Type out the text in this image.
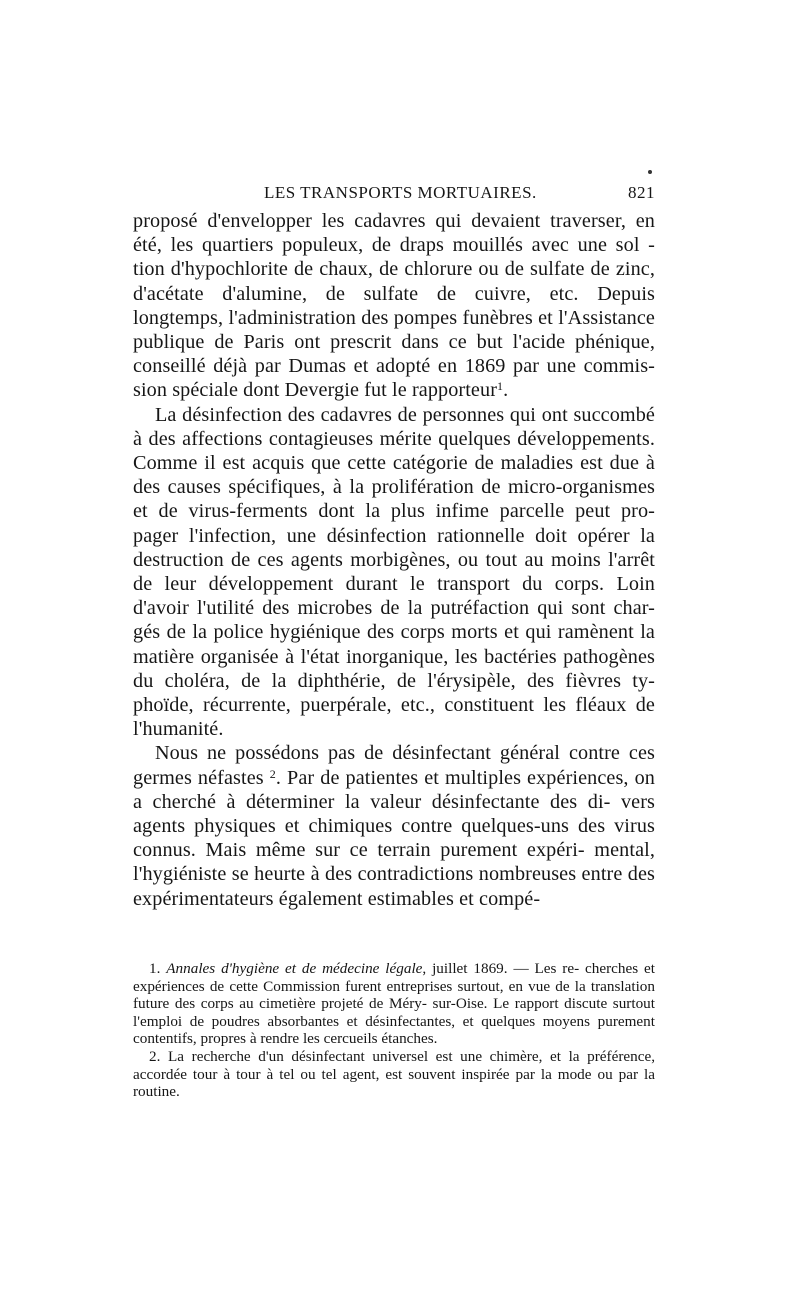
LES TRANSPORTS MORTUAIRES.	821

proposé d'envelopper les cadavres qui devaient traverser, en été, les quartiers populeux, de draps mouillés avec une sol - tion d'hypochlorite de chaux, de chlorure ou de sulfate de zinc, d'acétate d'alumine, de sulfate de cuivre, etc. Depuis longtemps, l'administration des pompes funèbres et l'Assistance publique de Paris ont prescrit dans ce but l'acide phénique, conseillé déjà par Dumas et adopté en 1869 par une commis- sion spéciale dont Devergie fut le rapporteur$^1$.

La désinfection des cadavres de personnes qui ont succombé à des affections contagieuses mérite quelques développements. Comme il est acquis que cette catégorie de maladies est due à des causes spécifiques, à la prolifération de micro-organismes et de virus-ferments dont la plus infime parcelle peut pro- pager l'infection, une désinfection rationnelle doit opérer la destruction de ces agents morbigènes, ou tout au moins l'arrêt de leur développement durant le transport du corps. Loin d'avoir l'utilité des microbes de la putréfaction qui sont char- gés de la police hygiénique des corps morts et qui ramènent la matière organisée à l'état inorganique, les bactéries pathogènes du choléra, de la diphthérie, de l'érysipèle, des fièvres ty- phoïde, récurrente, puerpérale, etc., constituent les fléaux de l'humanité.

Nous ne possédons pas de désinfectant général contre ces germes néfastes $^2$. Par de patientes et multiples expériences, on a cherché à déterminer la valeur désinfectante des di- vers agents physiques et chimiques contre quelques-uns des virus connus. Mais même sur ce terrain purement expéri- mental, l'hygiéniste se heurte à des contradictions nombreuses entre des expérimentateurs également estimables et compé-

1. Annales d'hygiène et de médecine légale, juillet 1869. — Les re- cherches et expériences de cette Commission furent entreprises surtout, en vue de la translation future des corps au cimetière projeté de Méry- sur-Oise. Le rapport discute surtout l'emploi de poudres absorbantes et désinfectantes, et quelques moyens purement contentifs, propres à rendre les cercueils étanches.

2. La recherche d'un désinfectant universel est une chimère, et la préférence, accordée tour à tour à tel ou tel agent, est souvent inspirée par la mode ou par la routine.
